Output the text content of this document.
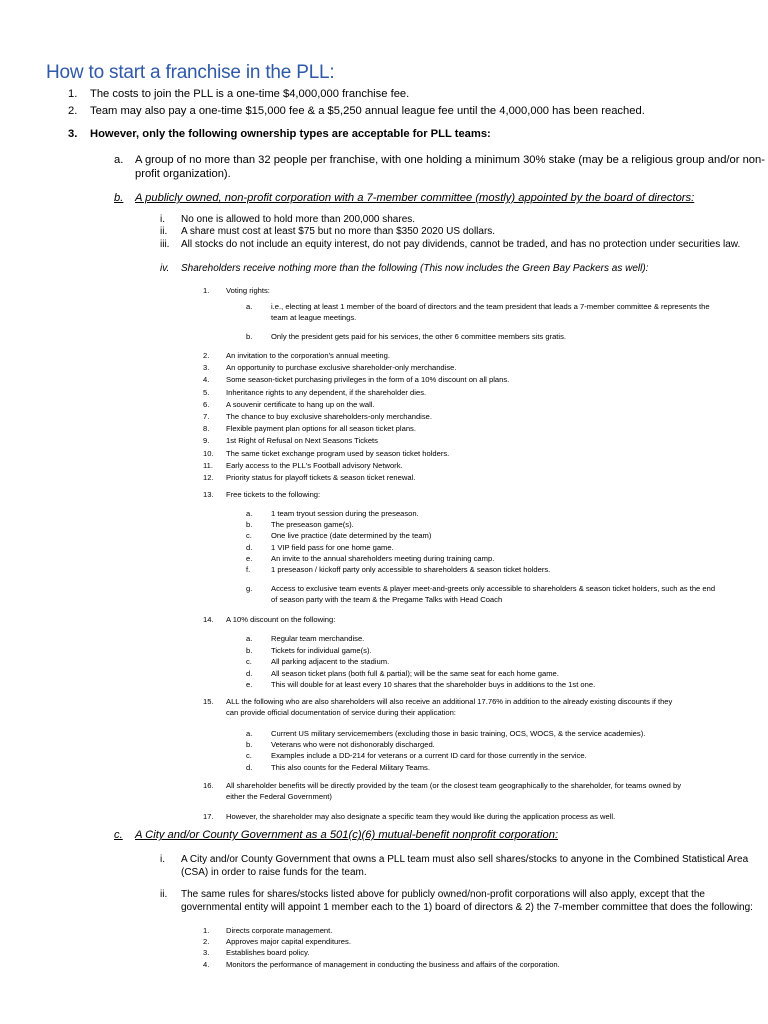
How to start a franchise in the PLL:
1. The costs to join the PLL is a one-time $4,000,000 franchise fee.
2. Team may also pay a one-time $15,000 fee & a $5,250 annual league fee until the 4,000,000 has been reached.
3. However, only the following ownership types are acceptable for PLL teams:
a. A group of no more than 32 people per franchise, with one holding a minimum 30% stake (may be a religious group and/or non-
profit organization).
b. A publicly owned, non-profit corporation with a 7-member committee (mostly) appointed by the board of directors:
i. No one is allowed to hold more than 200,000 shares.
ii. A share must cost at least $75 but no more than $350 2020 US dollars.
iii. All stocks do not include an equity interest, do not pay dividends, cannot be traded, and has no protection under securities law.
iv. Shareholders receive nothing more than the following (This now includes the Green Bay Packers as well):
1. Voting rights:
a. i.e., electing at least 1 member of the board of directors and the team president that leads a 7-member committee & represents the
team at league meetings.
b. Only the president gets paid for his services, the other 6 committee members sits gratis.
2. An invitation to the corporation's annual meeting.
3. An opportunity to purchase exclusive shareholder-only merchandise.
4. Some season-ticket purchasing privileges in the form of a 10% discount on all plans.
5. Inheritance rights to any dependent, if the shareholder dies.
6. A souvenir certificate to hang up on the wall.
7. The chance to buy exclusive shareholders-only merchandise.
8. Flexible payment plan options for all season ticket plans.
9. 1st Right of Refusal on Next Seasons Tickets
10. The same ticket exchange program used by season ticket holders.
11. Early access to the PLL's Football advisory Network.
12. Priority status for playoff tickets & season ticket renewal.
13. Free tickets to the following:
a. 1 team tryout session during the preseason.
b. The preseason game(s).
c.	One live practice (date determined by the team)
d. 1 VIP field pass for one home game.
e. An invite to the annual shareholders meeting during training camp.
f.	1 preseason / kickoff party only accessible to shareholders & season ticket holders.
g. Access to exclusive team events & player meet-and-greets only accessible to shareholders & season ticket holders, such as the end
of season party with the team & the Pregame Talks with Head Coach
14. A 10% discount on the following:
a. Regular team merchandise.
b. Tickets for individual game(s).
c.	All parking adjacent to the stadium.
d. All season ticket plans (both full & partial); will be the same seat for each home game.
e. This will double for at least every 10 shares that the shareholder buys in additions to the 1st one.
15. ALL the following who are also shareholders will also receive an additional 17.76% in addition to the already existing discounts if they
can provide official documentation of service during their application:
a. Current US military servicemembers (excluding those in basic training, OCS, WOCS, & the service academies).
b. Veterans who were not dishonorably discharged.
c.	Examples include a DD-214 for veterans or a current ID card for those currently in the service.
d. This also counts for the Federal Military Teams.
16. All shareholder benefits will be directly provided by the team (or the closest team geographically to the shareholder, for teams owned by
either the Federal Government)
17. However, the shareholder may also designate a specific team they would like during the application process as well.
c. A City and/or County Government as a 501(c)(6) mutual-benefit nonprofit corporation:
i. A City and/or County Government that owns a PLL team must also sell shares/stocks to anyone in the Combined Statistical Area
(CSA) in order to raise funds for the team.
ii. The same rules for shares/stocks listed above for publicly owned/non-profit corporations will also apply, except that the
governmental entity will appoint 1 member each to the 1) board of directors & 2) the 7-member committee that does the following:
1. Directs corporate management.
2. Approves major capital expenditures.
3. Establishes board policy.
4. Monitors the performance of management in conducting the business and affairs of the corporation.
